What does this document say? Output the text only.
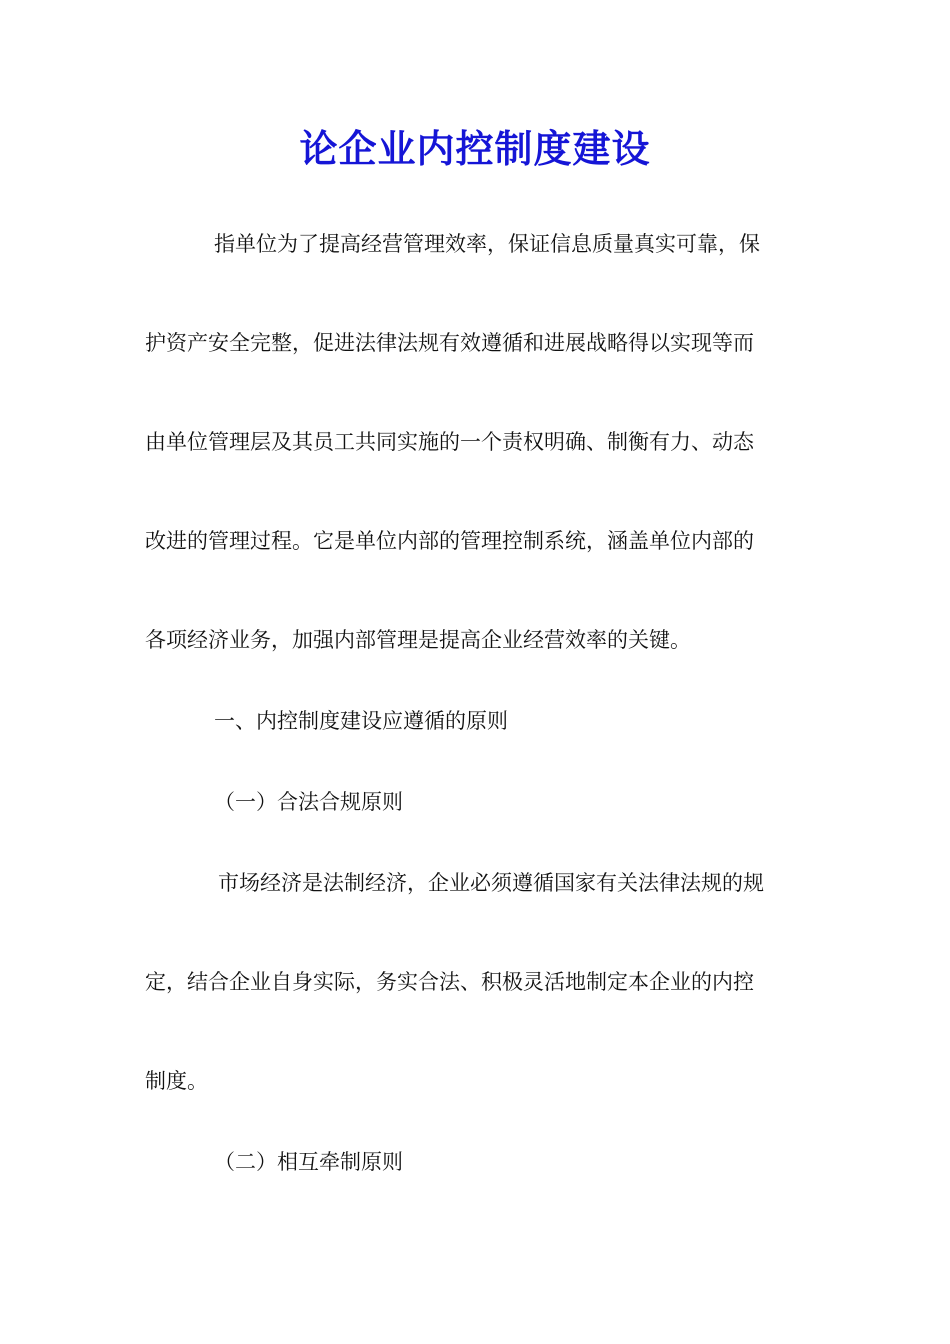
论企业内控制度建设
指单位为了提高经营管理效率，保证信息质量真实可靠，保
护资产安全完整，促进法律法规有效遵循和进展战略得以实现等而
由单位管理层及其员工共同实施的一个责权明确、制衡有力、动态
改进的管理过程。它是单位内部的管理控制系统，涵盖单位内部的
各项经济业务，加强内部管理是提高企业经营效率的关键。
一、内控制度建设应遵循的原则
（一）合法合规原则
市场经济是法制经济，企业必须遵循国家有关法律法规的规
定，结合企业自身实际，务实合法、积极灵活地制定本企业的内控
制度。
（二）相互牵制原则
